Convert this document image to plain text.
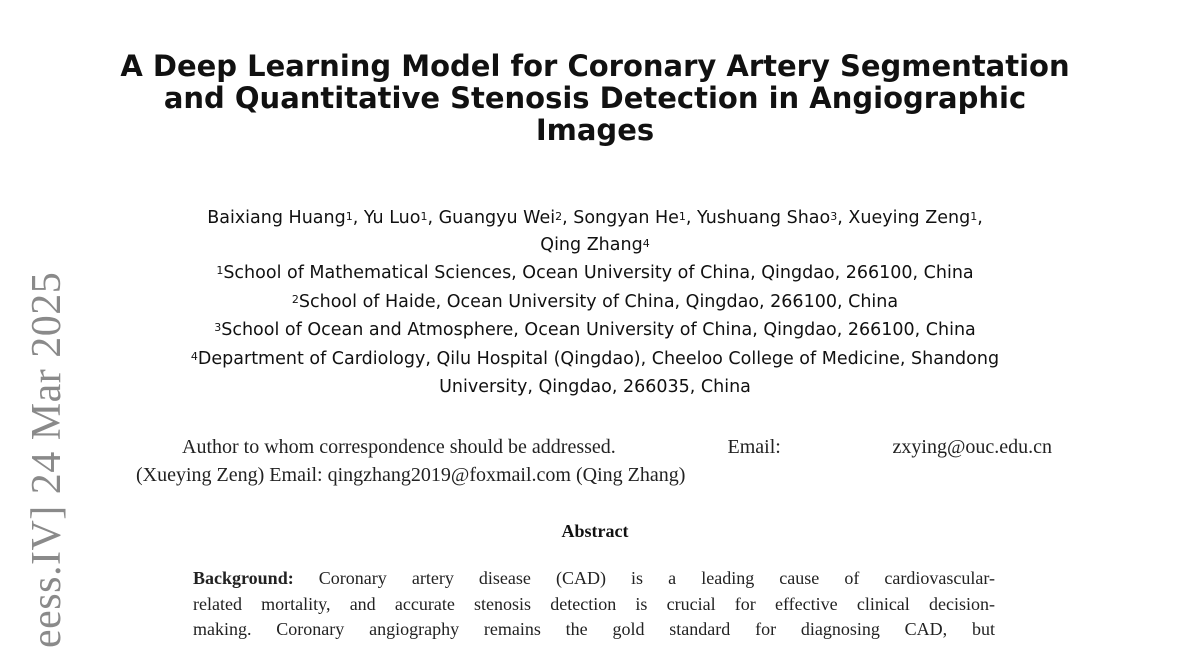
eess.IV] 24 Mar 2025
A Deep Learning Model for Coronary Artery Segmentation
and Quantitative Stenosis Detection in Angiographic
Images
Baixiang Huang$^1$, Yu Luo$^1$, Guangyu Wei$^2$, Songyan He$^1$, Yushuang Shao$^3$, Xueying Zeng$^1$,
Qing Zhang$^4$
$^1$School of Mathematical Sciences, Ocean University of China, Qingdao, 266100, China
$^2$School of Haide, Ocean University of China, Qingdao, 266100, China
$^3$School of Ocean and Atmosphere, Ocean University of China, Qingdao, 266100, China
$^4$Department of Cardiology, Qilu Hospital (Qingdao), Cheeloo College of Medicine, Shandong
University, Qingdao, 266035, China
Author to whom correspondence should be addressed.	Email:	zxying@ouc.edu.cn
(Xueying Zeng) Email: qingzhang2019@foxmail.com (Qing Zhang)
Abstract
Background: Coronary artery disease (CAD) is a leading cause of cardiovascular-
related mortality, and accurate stenosis detection is crucial for effective clinical decision-
making. Coronary angiography remains the gold standard for diagnosing CAD, but
